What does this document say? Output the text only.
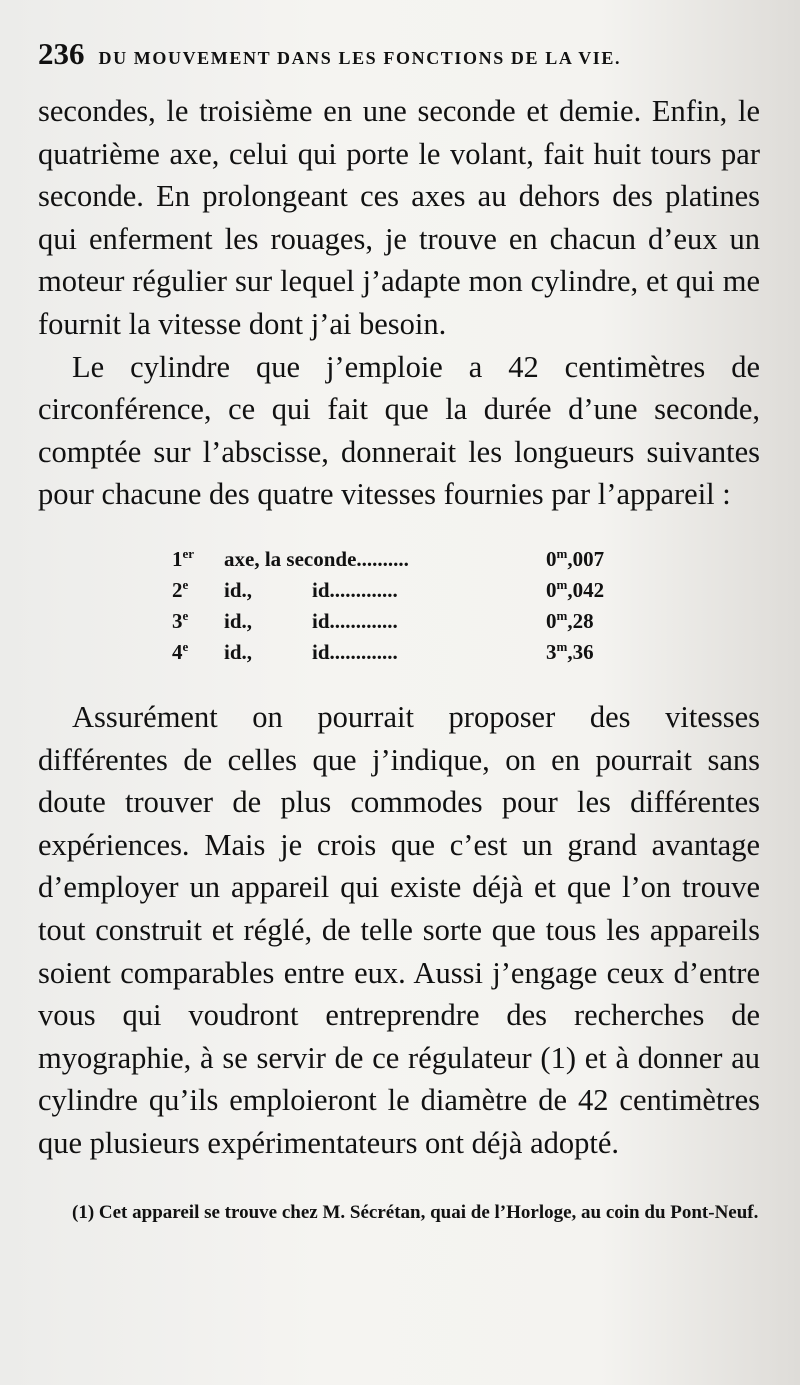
236 DU MOUVEMENT DANS LES FONCTIONS DE LA VIE.

secondes, le troisième en une seconde et demie. Enfin, le quatrième axe, celui qui porte le volant, fait huit tours par seconde. En prolongeant ces axes au dehors des platines qui enferment les rouages, je trouve en chacun d’eux un moteur régulier sur lequel j’adapte mon cylindre, et qui me fournit la vitesse dont j’ai besoin.

Le cylindre que j’emploie a 42 centimètres de circonférence, ce qui fait que la durée d’une seconde, comptée sur l’abscisse, donnerait les longueurs suivantes pour chacune des quatre vitesses fournies par l’appareil :

1er	axe, la seconde..........	0$^m$,007
2e	id.,	id.............	0$^m$,042
3e	id.,	id.............	0$^m$,28
4e	id.,	id.............	3$^m$,36

Assurément on pourrait proposer des vitesses différentes de celles que j’indique, on en pourrait sans doute trouver de plus commodes pour les différentes expériences. Mais je crois que c’est un grand avantage d’employer un appareil qui existe déjà et que l’on trouve tout construit et réglé, de telle sorte que tous les appareils soient comparables entre eux. Aussi j’engage ceux d’entre vous qui voudront entreprendre des recherches de myographie, à se servir de ce régulateur (1) et à donner au cylindre qu’ils emploieront le diamètre de 42 centimètres que plusieurs expérimentateurs ont déjà adopté.

(1) Cet appareil se trouve chez M. Sécrétan, quai de l’Horloge, au coin du Pont-Neuf.
